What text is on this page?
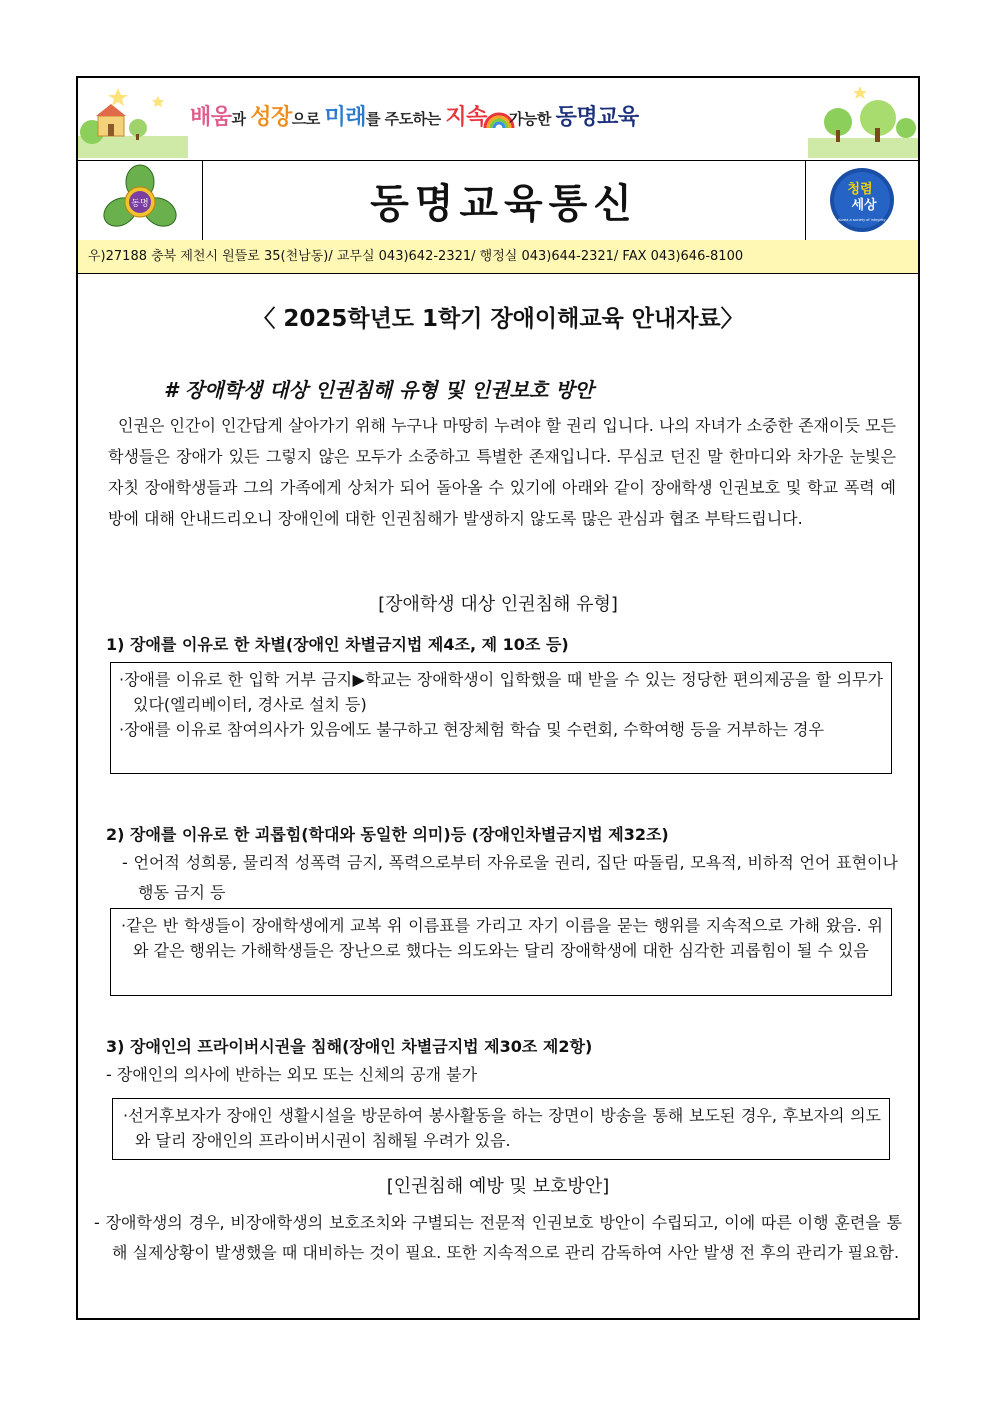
배움과 성장으로 미래를 주도하는 지속 가능한 동명교육
동명	동명교육통신	청렴
세상
Korea a society of integrity
우)27188 충북 제천시 원뜰로 35(천남동)/ 교무실 043)642-2321/ 행정실 043)644-2321/ FAX 043)646-8100
〈 2025학년도 1학기 장애이해교육 안내자료〉
# 장애학생 대상 인권침해 유형 및 인권보호 방안
인권은 인간이 인간답게 살아가기 위해 누구나 마땅히 누려야 할 권리 입니다. 나의 자녀가 소중한 존재이듯 모든 학생들은 장애가 있든 그렇지 않은 모두가 소중하고 특별한 존재입니다. 무심코 던진 말 한마디와 차가운 눈빛은 자칫 장애학생들과 그의 가족에게 상처가 되어 돌아올 수 있기에 아래와 같이 장애학생 인권보호 및 학교 폭력 예방에 대해 안내드리오니 장애인에 대한 인권침해가 발생하지 않도록 많은 관심과 협조 부탁드립니다.
[장애학생 대상 인권침해 유형]
1) 장애를 이유로 한 차별(장애인 차별금지법 제4조, 제 10조 등)

·장애를 이유로 한 입학 거부 금지▶학교는 장애학생이 입학했을 때 받을 수 있는 정당한 편의제공을 할 의무가 있다(엘리베이터, 경사로 설치 등)

·장애를 이유로 참여의사가 있음에도 불구하고 현장체험 학습 및 수련회, 수학여행 등을 거부하는 경우

2) 장애를 이유로 한 괴롭힘(학대와 동일한 의미)등 (장애인차별금지법 제32조)
- 언어적 성희롱, 물리적 성폭력 금지, 폭력으로부터 자유로울 권리, 집단 따돌림, 모욕적, 비하적 언어 표현이나 행동 금지 등
·같은 반 학생들이 장애학생에게 교복 위 이름표를 가리고 자기 이름을 묻는 행위를 지속적으로 가해 왔음. 위와 같은 행위는 가해학생들은 장난으로 했다는 의도와는 달리 장애학생에 대한 심각한 괴롭힘이 될 수 있음
3) 장애인의 프라이버시권을 침해(장애인 차별금지법 제30조 제2항)
- 장애인의 의사에 반하는 외모 또는 신체의 공개 불가
·선거후보자가 장애인 생활시설을 방문하여 봉사활동을 하는 장면이 방송을 통해 보도된 경우, 후보자의 의도와 달리 장애인의 프라이버시권이 침해될 우려가 있음.
[인권침해 예방 및 보호방안]
- 장애학생의 경우, 비장애학생의 보호조치와 구별되는 전문적 인권보호 방안이 수립되고, 이에 따른 이행 훈련을 통해 실제상황이 발생했을 때 대비하는 것이 필요. 또한 지속적으로 관리 감독하여 사안 발생 전 후의 관리가 필요함.
